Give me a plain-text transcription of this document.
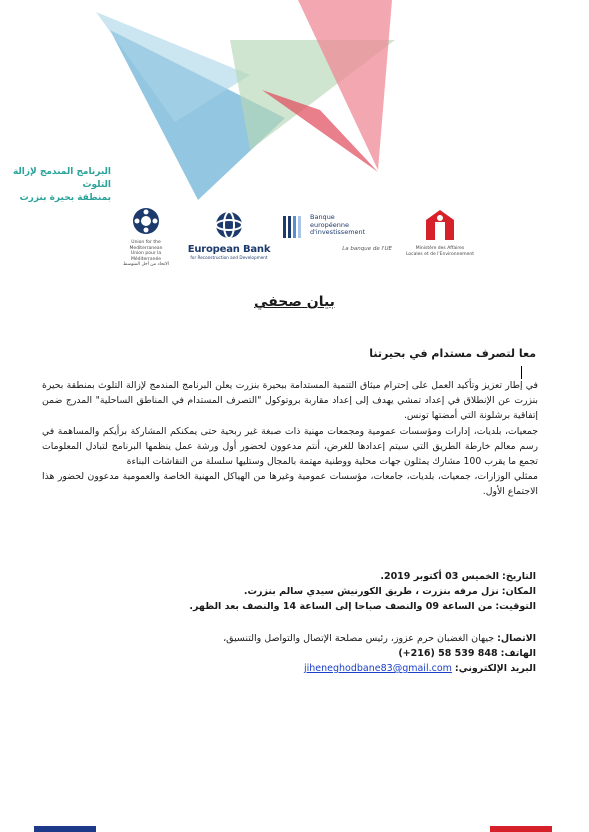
البرنامج المندمج لإزالة التلوث
بمنطقة بحيرة بنزرت
Union for the Mediterranean
Union pour la Méditerranée
الاتحاد من أجل المتوسط
European Bank
for Reconstruction and Development
Banque
européenne
d'investissement
La banque de l'UE	Ministère des Affaires
Locales et de l'Environnement
بيان صحفي
معا لتصرف مستدام في بحيرتنا

في إطار تعزيز وتأكيد العمل على إحترام ميثاق التنمية المستدامة ببحيرة بنزرت يعلن البرنامج المندمج لإزالة التلوث بمنطقة بحيرة بنزرت عن الإنطلاق في إعداد تمشي يهدف إلى إعداد مقاربة بروتوكول "التصرف المستدام في المناطق الساحلية" المدرج ضمن إتفاقية برشلونة التي أمضتها تونس.

جمعيات، بلديات، إدارات ومؤسسات عمومية ومجمعات مهنية ذات صبغة غير ربحية حتى يمكنكم المشاركة برأيكم والمساهمة في رسم معالم خارطة الطريق التي سيتم إعدادها للغرض، أنتم مدعوون لحضور أول ورشة عمل ينظمها البرنامج لتبادل المعلومات تجمع ما يقرب 100 مشارك يمثلون جهات محلية ووطنية مهتمة بالمجال وستليها سلسلة من النقاشات البناءة

ممثلي الوزارات، جمعيات، بلديات، جامعات، مؤسسات عمومية وغيرها من الهياكل المهنية الخاصة والعمومية مدعوون لحضور هذا الاجتماع الأول.

التاريخ: الخميس 03 أكتوبر 2019.
المكان: نزل مرفه بنزرت ، طريق الكورنيش سيدي سالم بنزرت.
التوقيت: من الساعة 09 والنصف صباحا إلى الساعة 14 والنصف بعد الظهر.
الاتصال: جيهان الغضبان حرم عزوز، رئيس مصلحة الإتصال والتواصل والتنسيق،
الهاتف: (+216) 58 539 848
البريد الإلكتروني: jiheneghodbane83@gmail.com
